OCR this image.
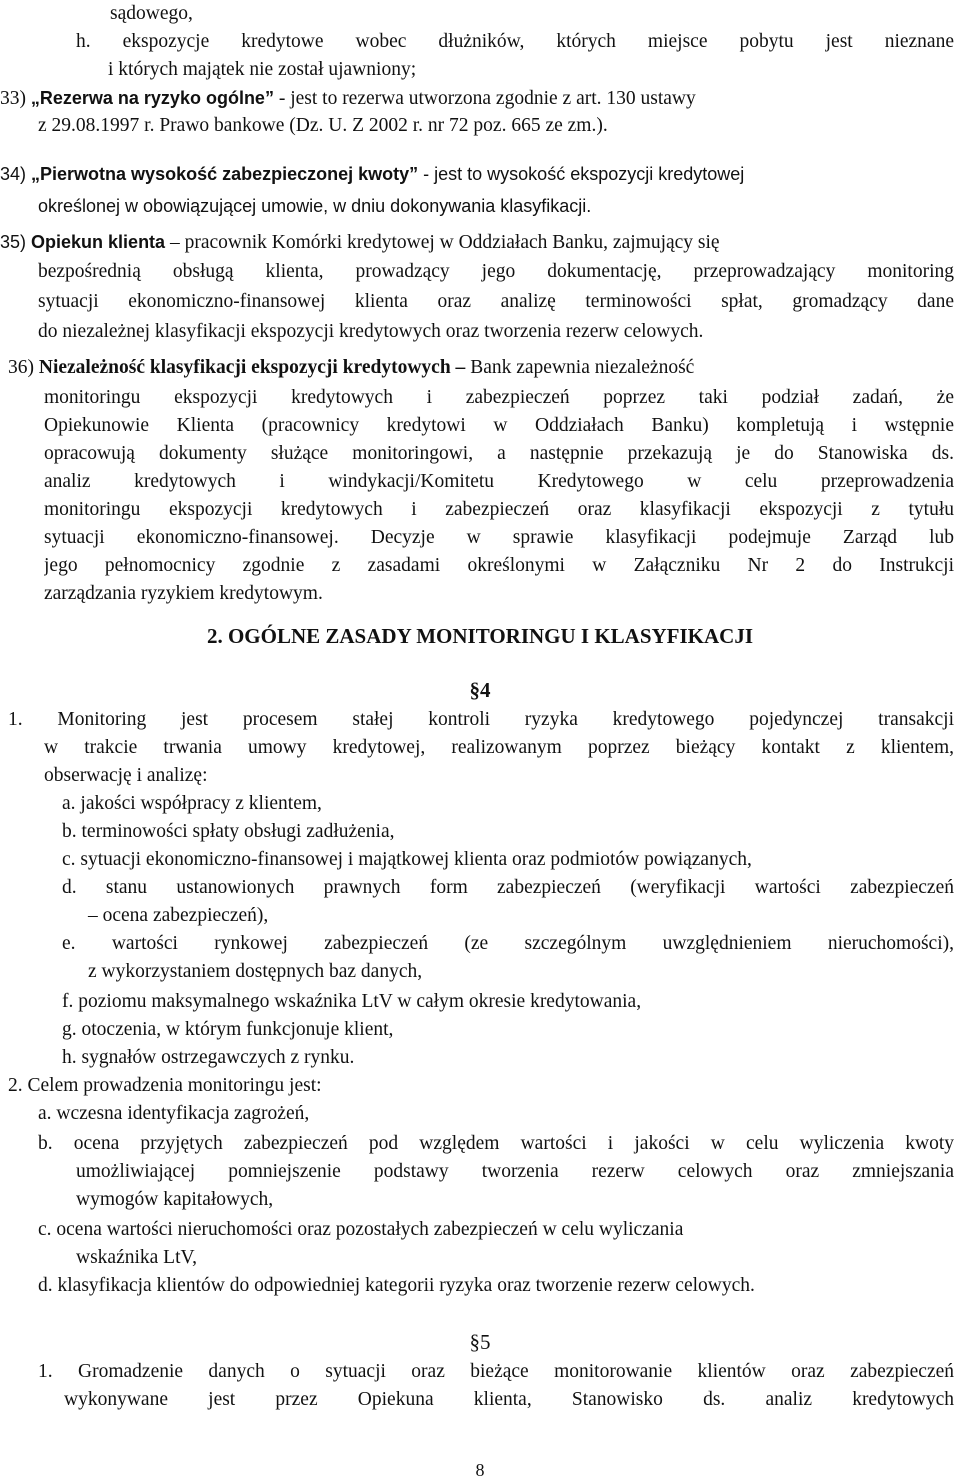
sądowego,
h. ekspozycje kredytowe wobec dłużników, których miejsce pobytu jest nieznane
i których majątek nie został ujawniony;
33) „Rezerwa na ryzyko ogólne” - jest to rezerwa utworzona zgodnie z art. 130 ustawy
z 29.08.1997 r. Prawo bankowe (Dz. U. Z 2002 r. nr 72 poz. 665 ze zm.).
34) „Pierwotna wysokość zabezpieczonej kwoty” - jest to wysokość ekspozycji kredytowej
określonej w obowiązującej umowie, w dniu dokonywania klasyfikacji.
35) Opiekun klienta – pracownik Komórki kredytowej w Oddziałach Banku, zajmujący się
bezpośrednią obsługą klienta, prowadzący jego dokumentację, przeprowadzający monitoring
sytuacji ekonomiczno-finansowej klienta oraz analizę terminowości spłat, gromadzący dane
do niezależnej klasyfikacji ekspozycji kredytowych oraz tworzenia rezerw celowych.
36) Niezależność klasyfikacji ekspozycji kredytowych – Bank zapewnia niezależność
monitoringu ekspozycji kredytowych i zabezpieczeń poprzez taki podział zadań, że
Opiekunowie Klienta (pracownicy kredytowi w Oddziałach Banku) kompletują i wstępnie
opracowują dokumenty służące monitoringowi, a następnie przekazują je do Stanowiska ds.
analiz kredytowych i windykacji/Komitetu Kredytowego w celu przeprowadzenia
monitoringu ekspozycji kredytowych i zabezpieczeń oraz klasyfikacji ekspozycji z tytułu
sytuacji ekonomiczno-finansowej. Decyzje w sprawie klasyfikacji podejmuje Zarząd lub
jego pełnomocnicy zgodnie z zasadami określonymi w Załączniku Nr 2 do Instrukcji
zarządzania ryzykiem kredytowym.
2. OGÓLNE ZASADY MONITORINGU I KLASYFIKACJI
§4
1. Monitoring jest procesem stałej kontroli ryzyka kredytowego pojedynczej transakcji
w trakcie trwania umowy kredytowej, realizowanym poprzez bieżący kontakt z klientem,
obserwację i analizę:
a. jakości współpracy z klientem,
b. terminowości spłaty obsługi zadłużenia,
c. sytuacji ekonomiczno-finansowej i majątkowej klienta oraz podmiotów powiązanych,
d. stanu ustanowionych prawnych form zabezpieczeń (weryfikacji wartości zabezpieczeń
– ocena zabezpieczeń),
e. wartości rynkowej zabezpieczeń (ze szczególnym uwzględnieniem nieruchomości),
z wykorzystaniem dostępnych baz danych,
f. poziomu maksymalnego wskaźnika LtV w całym okresie kredytowania,
g. otoczenia, w którym funkcjonuje klient,
h. sygnałów ostrzegawczych z rynku.
2. Celem prowadzenia monitoringu jest:
a. wczesna identyfikacja zagrożeń,
b. ocena przyjętych zabezpieczeń pod względem wartości i jakości w celu wyliczenia kwoty
umożliwiającej pomniejszenie podstawy tworzenia rezerw celowych oraz zmniejszania
wymogów kapitałowych,
c. ocena wartości nieruchomości oraz pozostałych zabezpieczeń w celu wyliczania
wskaźnika LtV,
d. klasyfikacja klientów do odpowiedniej kategorii ryzyka oraz tworzenie rezerw celowych.
§5
1. Gromadzenie danych o sytuacji oraz bieżące monitorowanie klientów oraz zabezpieczeń
wykonywane jest przez Opiekuna klienta, Stanowisko ds. analiz kredytowych
8
